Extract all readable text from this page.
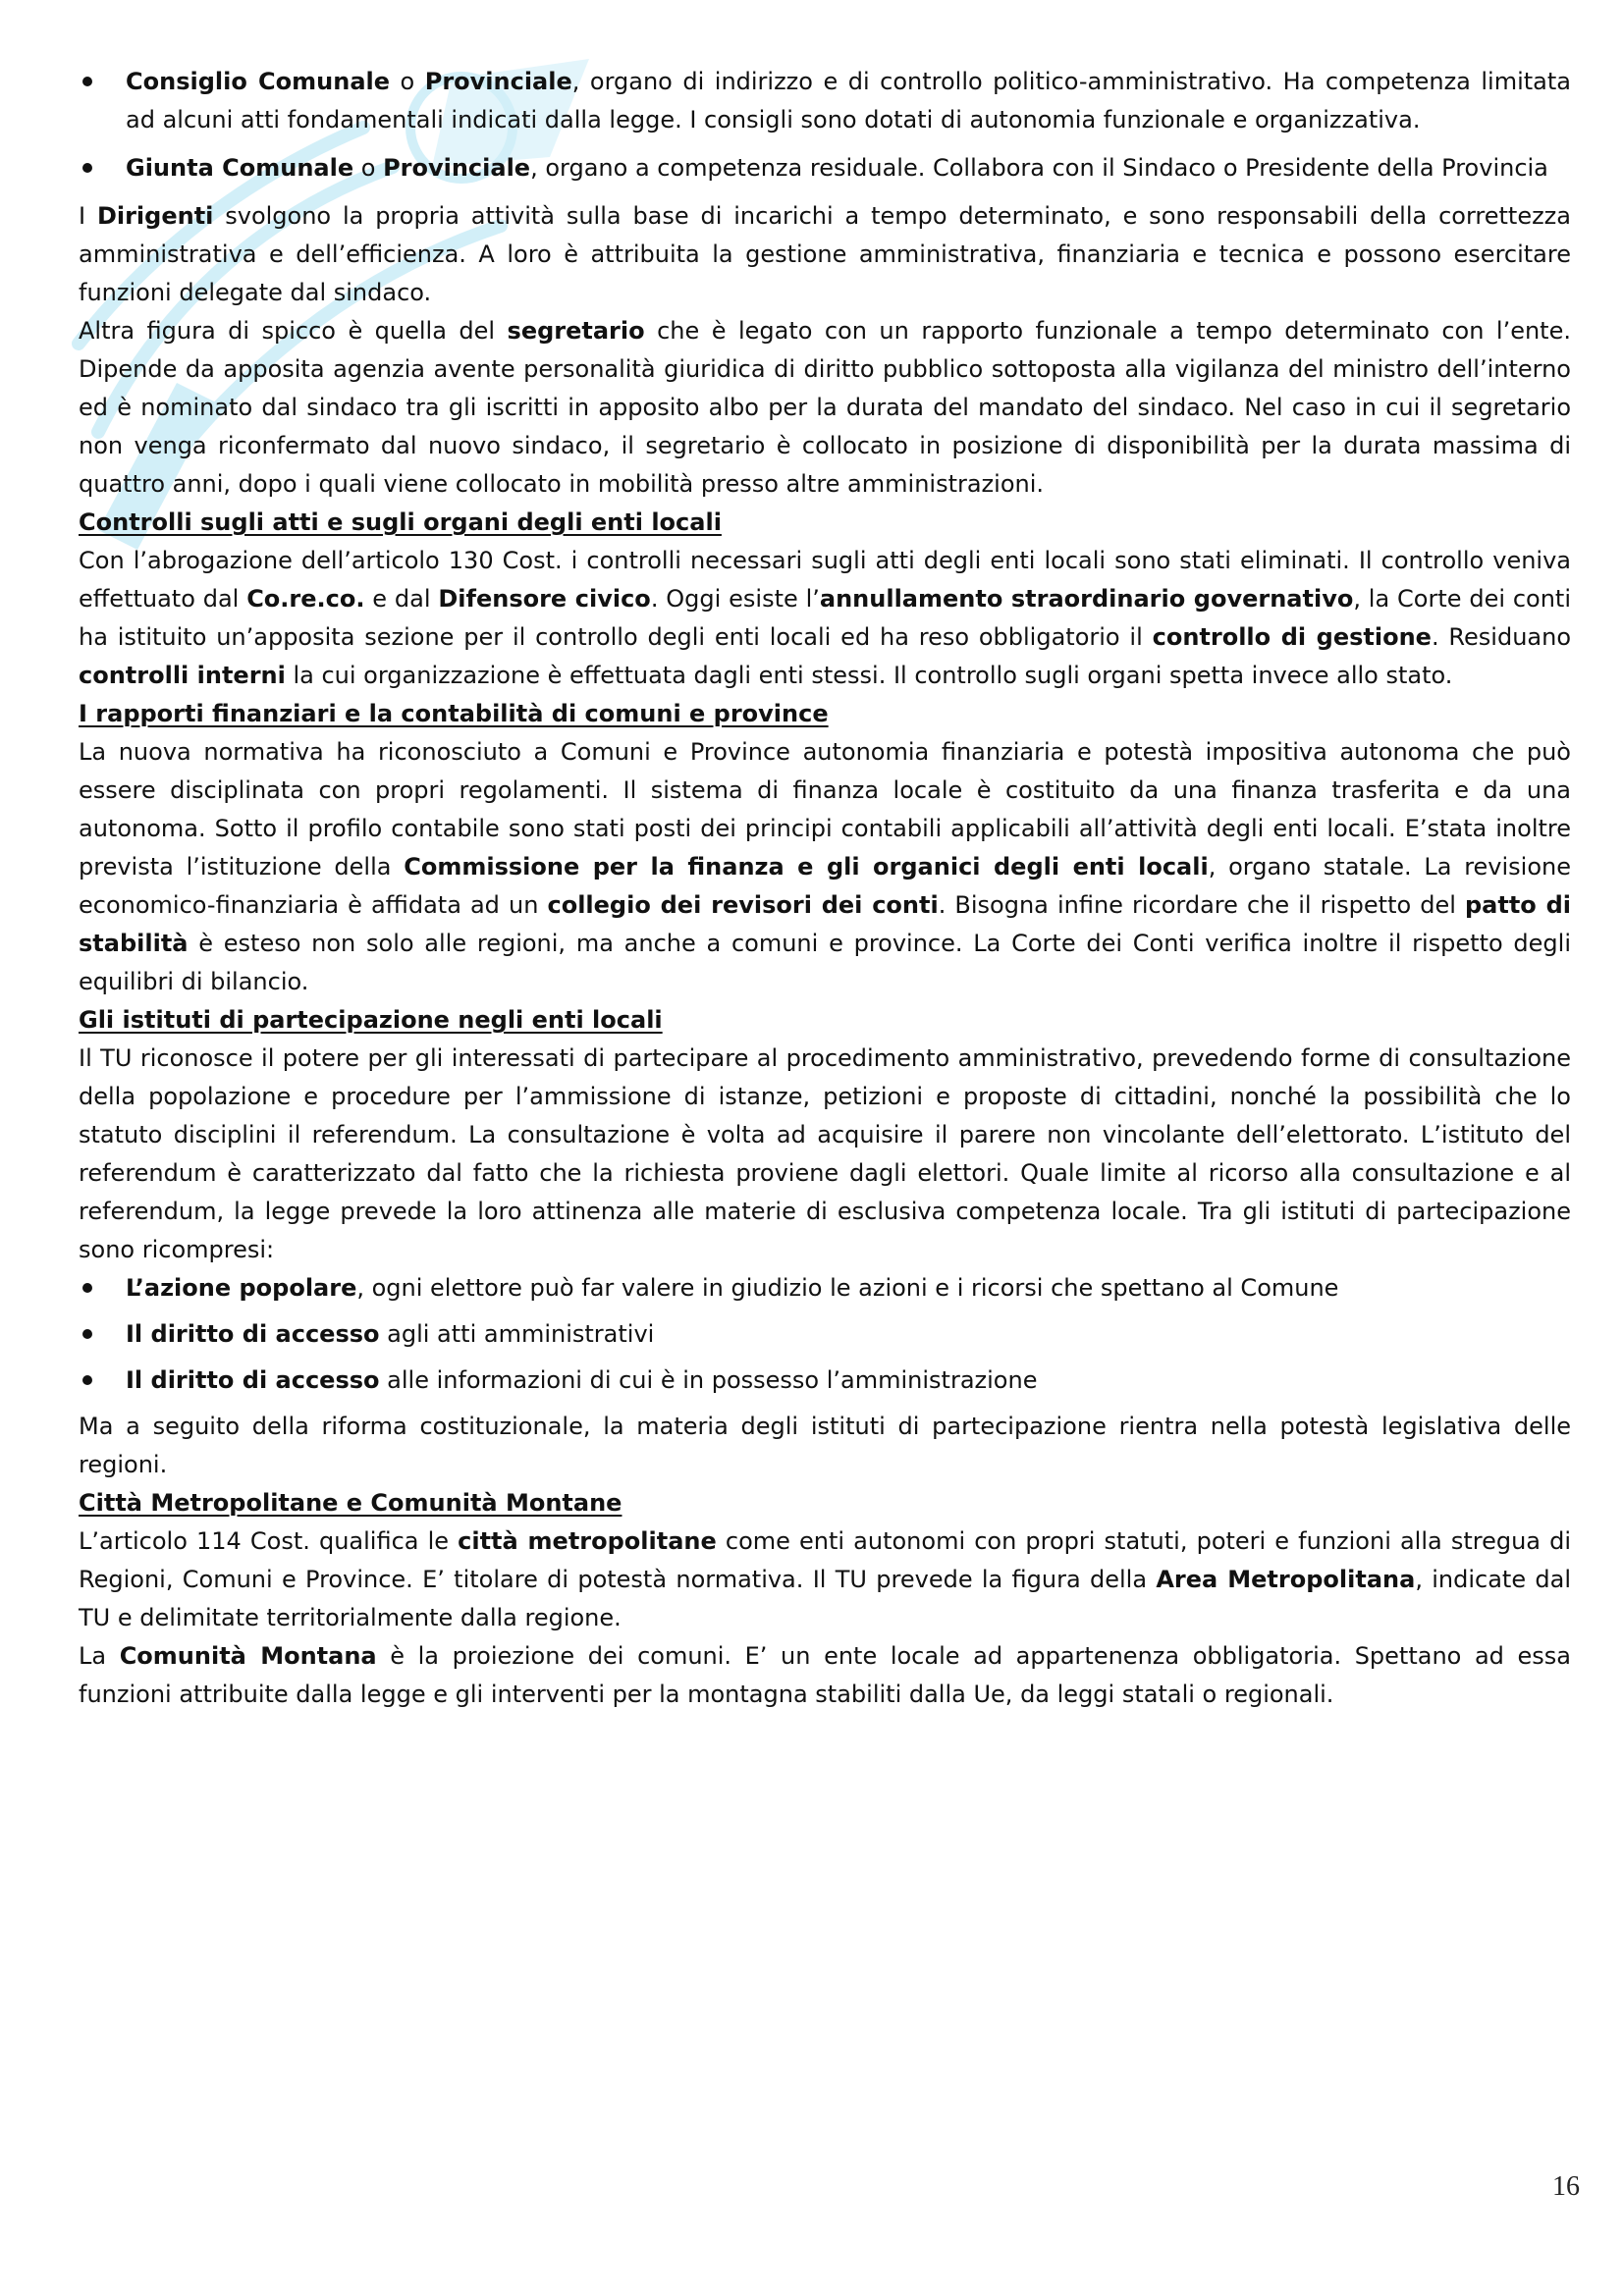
Consiglio Comunale o Provinciale, organo di indirizzo e di controllo politico-amministrativo. Ha competenza limitata ad alcuni atti fondamentali indicati dalla legge. I consigli sono dotati di autonomia funzionale e organizzativa.
Giunta Comunale o Provinciale, organo a competenza residuale. Collabora con il Sindaco o Presidente della Provincia

I Dirigenti svolgono la propria attività sulla base di incarichi a tempo determinato, e sono responsabili della correttezza amministrativa e dell’efficienza. A loro è attribuita la gestione amministrativa, finanziaria e tecnica e possono esercitare funzioni delegate dal sindaco.

Altra figura di spicco è quella del segretario che è legato con un rapporto funzionale a tempo determinato con l’ente. Dipende da apposita agenzia avente personalità giuridica di diritto pubblico sottoposta alla vigilanza del ministro dell’interno ed è nominato dal sindaco tra gli iscritti in apposito albo per la durata del mandato del sindaco. Nel caso in cui il segretario non venga riconfermato dal nuovo sindaco, il segretario è collocato in posizione di disponibilità per la durata massima di quattro anni, dopo i quali viene collocato in mobilità presso altre amministrazioni.

Controlli sugli atti e sugli organi degli enti locali

Con l’abrogazione dell’articolo 130 Cost. i controlli necessari sugli atti degli enti locali sono stati eliminati. Il controllo veniva effettuato dal Co.re.co. e dal Difensore civico. Oggi esiste l’annullamento straordinario governativo, la Corte dei conti ha istituito un’apposita sezione per il controllo degli enti locali ed ha reso obbligatorio il controllo di gestione. Residuano controlli interni la cui organizzazione è effettuata dagli enti stessi. Il controllo sugli organi spetta invece allo stato.

I rapporti finanziari e la contabilità di comuni e province

La nuova normativa ha riconosciuto a Comuni e Province autonomia finanziaria e potestà impositiva autonoma che può essere disciplinata con propri regolamenti. Il sistema di finanza locale è costituito da una finanza trasferita e da una autonoma. Sotto il profilo contabile sono stati posti dei principi contabili applicabili all’attività degli enti locali. E’stata inoltre prevista l’istituzione della Commissione per la finanza e gli organici degli enti locali, organo statale. La revisione economico-finanziaria è affidata ad un collegio dei revisori dei conti. Bisogna infine ricordare che il rispetto del patto di stabilità è esteso non solo alle regioni, ma anche a comuni e province. La Corte dei Conti verifica inoltre il rispetto degli equilibri di bilancio.

Gli istituti di partecipazione negli enti locali

Il TU riconosce il potere per gli interessati di partecipare al procedimento amministrativo, prevedendo forme di consultazione della popolazione e procedure per l’ammissione di istanze, petizioni e proposte di cittadini, nonché la possibilità che lo statuto disciplini il referendum. La consultazione è volta ad acquisire il parere non vincolante dell’elettorato. L’istituto del referendum è caratterizzato dal fatto che la richiesta proviene dagli elettori. Quale limite al ricorso alla consultazione e al referendum, la legge prevede la loro attinenza alle materie di esclusiva competenza locale. Tra gli istituti di partecipazione sono ricompresi:

L’azione popolare, ogni elettore può far valere in giudizio le azioni e i ricorsi che spettano al Comune
Il diritto di accesso agli atti amministrativi
Il diritto di accesso alle informazioni di cui è in possesso l’amministrazione

Ma a seguito della riforma costituzionale, la materia degli istituti di partecipazione rientra nella potestà legislativa delle regioni.

Città Metropolitane e Comunità Montane

L’articolo 114 Cost. qualifica le città metropolitane come enti autonomi con propri statuti, poteri e funzioni alla stregua di Regioni, Comuni e Province. E’ titolare di potestà normativa. Il TU prevede la figura della Area Metropolitana, indicate dal TU e delimitate territorialmente dalla regione.

La Comunità Montana è la proiezione dei comuni. E’ un ente locale ad appartenenza obbligatoria. Spettano ad essa funzioni attribuite dalla legge e gli interventi per la montagna stabiliti dalla Ue, da leggi statali o regionali.

16
